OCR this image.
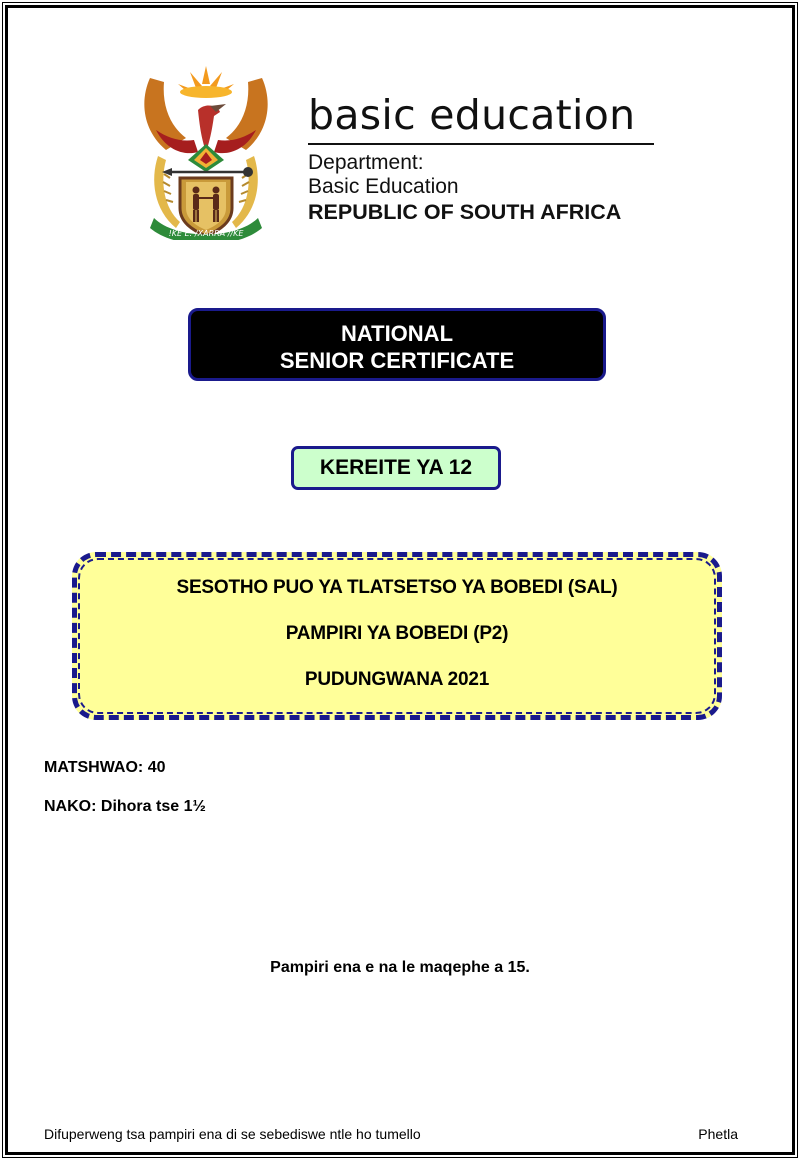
!KE E: /XARRA //KE
basic education
Department:
Basic Education
REPUBLIC OF SOUTH AFRICA
NATIONAL
SENIOR CERTIFICATE
KEREITE YA 12
SESOTHO PUO YA TLATSETSO YA BOBEDI (SAL)
PAMPIRI YA BOBEDI (P2)
PUDUNGWANA 2021
MATSHWAO: 40
NAKO: Dihora tse 1½
Pampiri ena e na le maqephe a 15.
Difuperweng tsa pampiri ena di se sebediswe ntle ho tumello	Phetla
